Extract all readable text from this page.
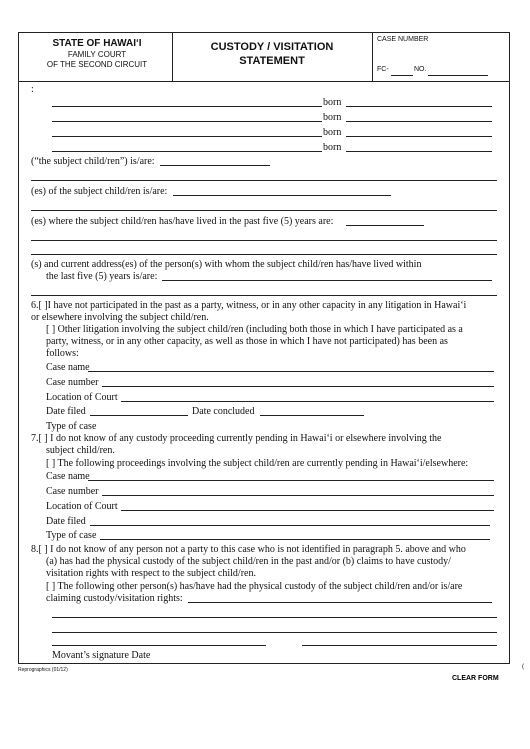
STATE OF HAWAI‘I
FAMILY COURT
OF THE SECOND CIRCUIT
CUSTODY / VISITATION
STATEMENT
CASE NUMBER
FC-	NO.
:
born
born
born
born
(“the subject child/ren”) is/are:
(es) of the subject child/ren is/are:
(es) where the subject child/ren has/have lived in the past five (5) years are:
(s) and current address(es) of the person(s) with whom the subject child/ren has/have lived within
the last five (5) years is/are:
6.[ ]I have not participated in the past as a party, witness, or in any other capacity in any litigation in Hawai‘i
or elsewhere involving the subject child/ren.
[ ] Other litigation involving the subject child/ren (including both those in which I have participated as a
party, witness, or in any other capacity, as well as those in which I have not participated) has been as
follows:
Case name
Case number
Location of Court
Date filed	Date concluded
Type of case
7.[ ] I do not know of any custody proceeding currently pending in Hawai‘i or elsewhere involving the
subject child/ren.
[ ] The following proceedings involving the subject child/ren are currently pending in Hawai‘i/elsewhere:
Case name
Case number
Location of Court
Date filed
Type of case
8.[ ] I do not know of any person not a party to this case who is not identified in paragraph 5. above and who
(a) has had the physical custody of the subject child/ren in the past and/or (b) claims to have custody/
visitation rights with respect to the subject child/ren.
[ ] The following other person(s) has/have had the physical custody of the subject child/ren and/or is/are
claiming custody/visitation rights:
Movant’s signature Date
Reprographics (01/12)
CLEAR FORM
(
